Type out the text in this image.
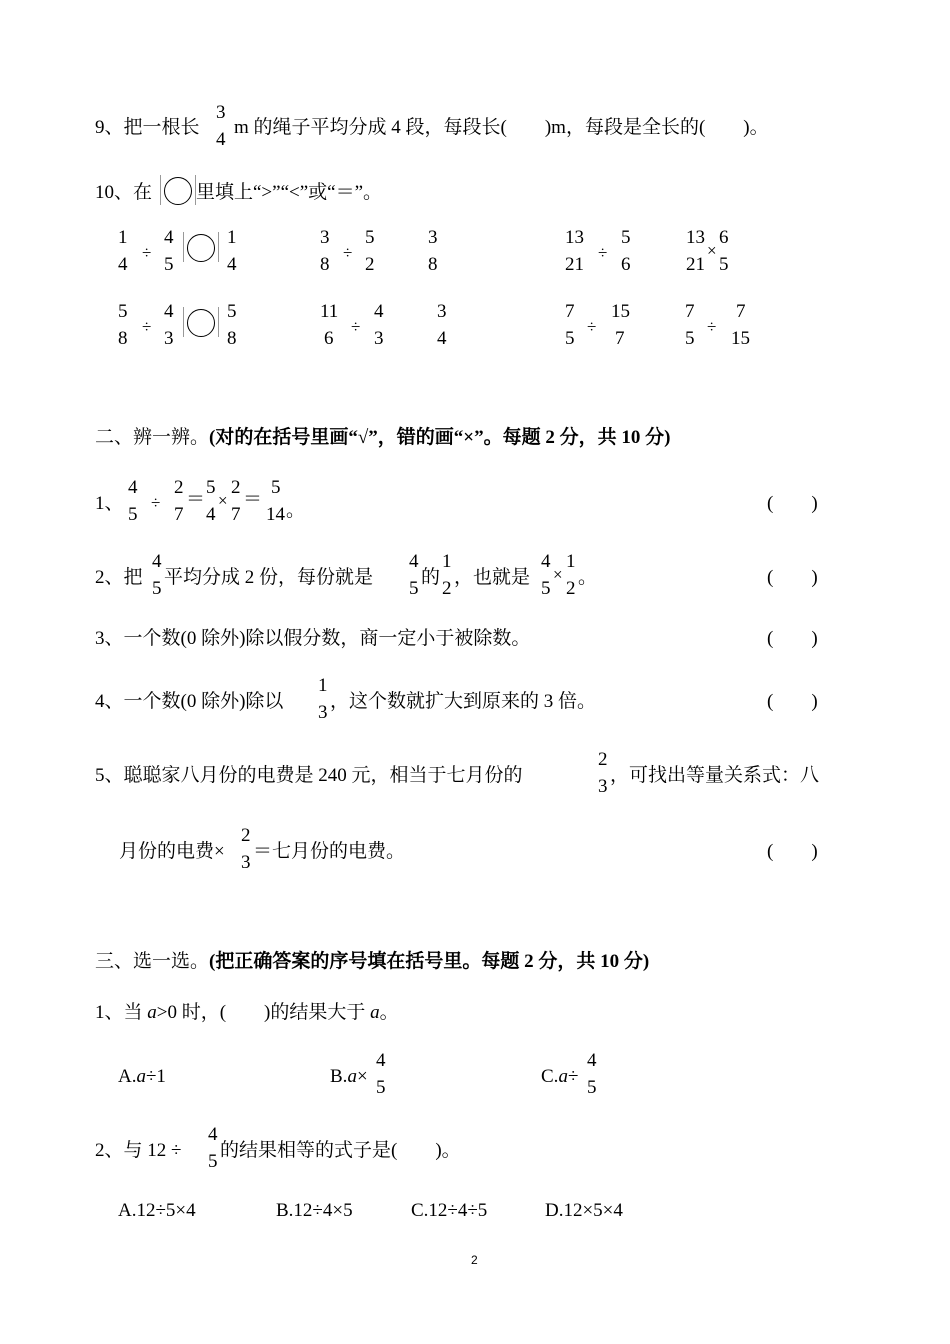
9、把一根长
3
4
m 的绳子平均分成 4 段，每段长(　　)m，每段是全长的(　　)。
10、在 里填上“>”“<”或“＝”。
1
4
÷
4
5
1
4
3
8
÷
5
2
3
8
13
21
÷
5
6
13
21
×
6
5
5
8
÷
4
3
5
8
11
6
÷
4
3
3
4
7
5
÷
15
7
7
5
÷
7
15
二、辨一辨。(对的在括号里画“√”，错的画“×”。每题 2 分，共 10 分)
1、
4
5
÷
2
7
＝
5
4
×
2
7
＝
5
14 。	(　　)
2、把
4
5
平均分成 2 份，每份就是
4
5
的
1
2
，也就是
4
5
×
1
2
。	(　　)
3、一个数(0 除外)除以假分数，商一定小于被除数。	(　　)
4、一个数(0 除外)除以
1
3
，这个数就扩大到原来的 3 倍。	(　　)
5、聪聪家八月份的电费是 240 元，相当于七月份的
2
3
，可找出等量关系式：八
月份的电费×
2
3
＝七月份的电费。	(　　)
三、选一选。(把正确答案的序号填在括号里。每题 2 分，共 10 分)
1、当 a>0 时，(　　)的结果大于 a。
A.a÷1	B.a×
4
5
C.a÷
4
5
2、与 12 ÷
4
5
的结果相等的式子是(　　)。
A.12÷5×4	B.12÷4×5	C.12÷4÷5	D.12×5×4
2
